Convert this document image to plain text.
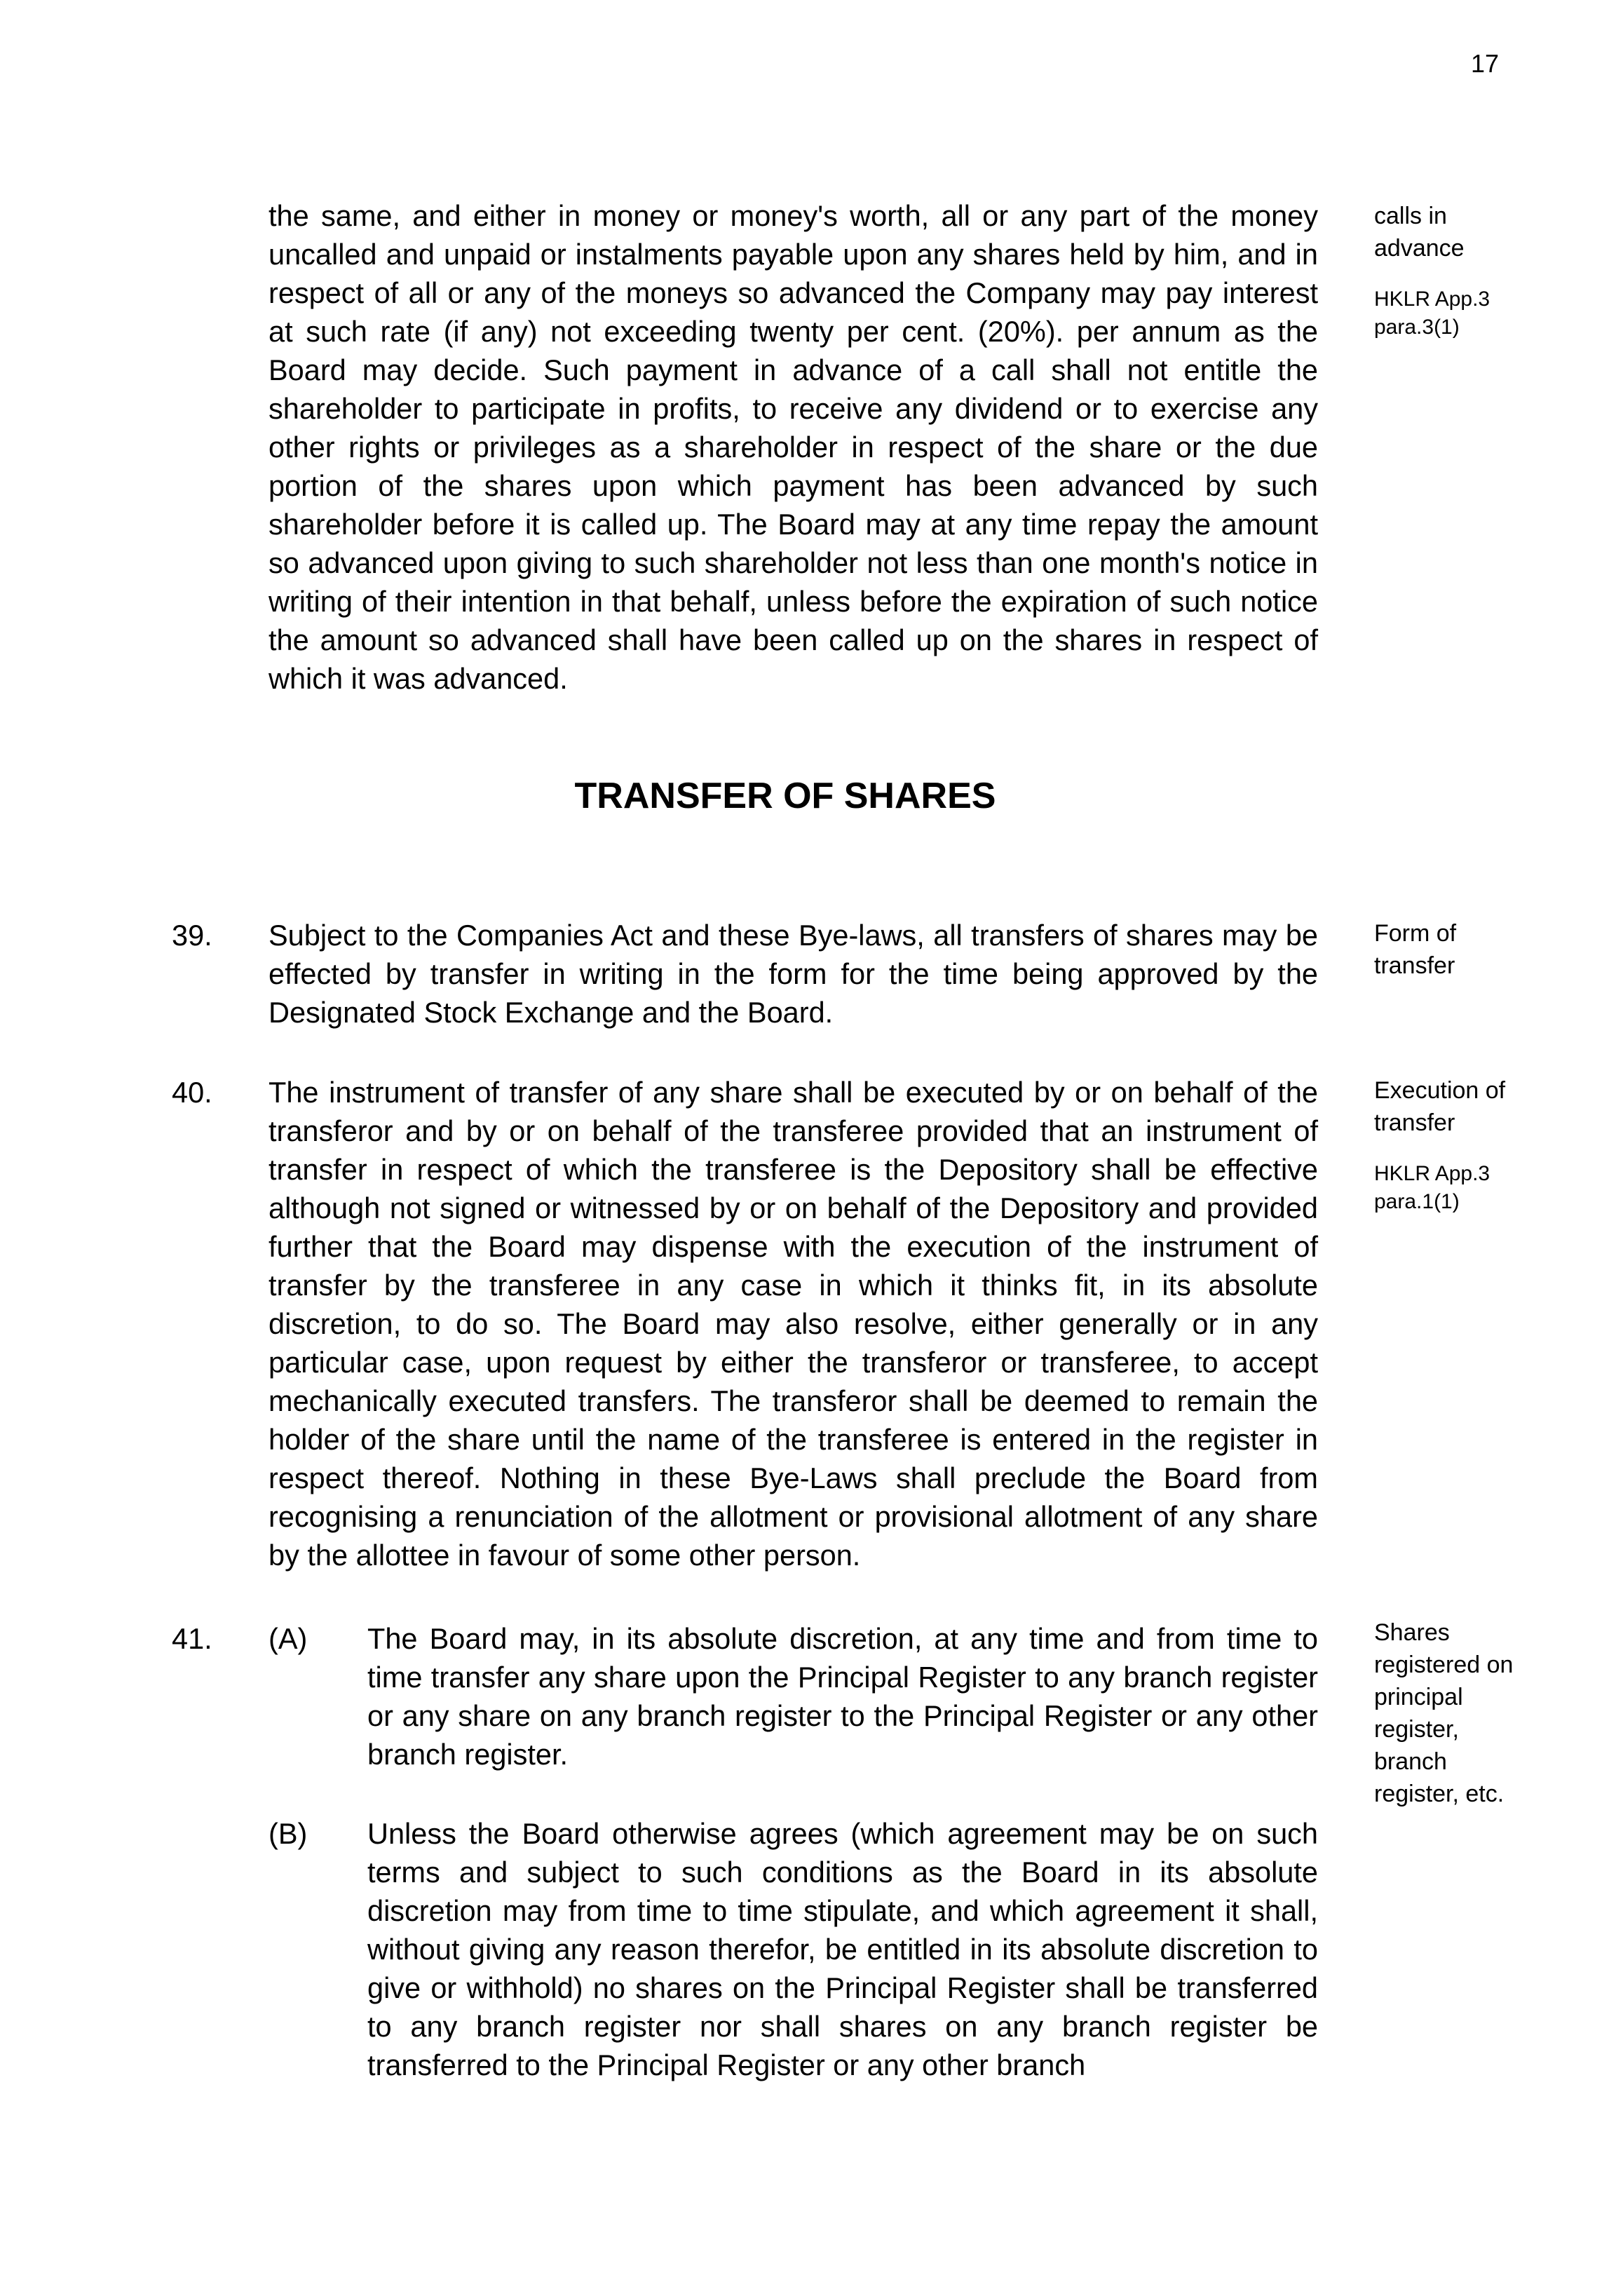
17
the same, and either in money or money's worth, all or any part of the money uncalled and unpaid or instalments payable upon any shares held by him, and in respect of all or any of the moneys so advanced the Company may pay interest at such rate (if any) not exceeding twenty per cent. (20%). per annum as the Board may decide. Such payment in advance of a call shall not entitle the shareholder to participate in profits, to receive any dividend or to exercise any other rights or privileges as a shareholder in respect of the share or the due portion of the shares upon which payment has been advanced by such shareholder before it is called up. The Board may at any time repay the amount so advanced upon giving to such shareholder not less than one month's notice in writing of their intention in that behalf, unless before the expiration of such notice the amount so advanced shall have been called up on the shares in respect of which it was advanced.
calls in advance
HKLR App.3 para.3(1)
TRANSFER OF SHARES
39. Subject to the Companies Act and these Bye-laws, all transfers of shares may be effected by transfer in writing in the form for the time being approved by the Designated Stock Exchange and the Board.
Form of transfer
40. The instrument of transfer of any share shall be executed by or on behalf of the transferor and by or on behalf of the transferee provided that an instrument of transfer in respect of which the transferee is the Depository shall be effective although not signed or witnessed by or on behalf of the Depository and provided further that the Board may dispense with the execution of the instrument of transfer by the transferee in any case in which it thinks fit, in its absolute discretion, to do so. The Board may also resolve, either generally or in any particular case, upon request by either the transferor or transferee, to accept mechanically executed transfers. The transferor shall be deemed to remain the holder of the share until the name of the transferee is entered in the register in respect thereof. Nothing in these Bye-Laws shall preclude the Board from recognising a renunciation of the allotment or provisional allotment of any share by the allottee in favour of some other person.
Execution of transfer
HKLR App.3 para.1(1)
41. (A) The Board may, in its absolute discretion, at any time and from time to time transfer any share upon the Principal Register to any branch register or any share on any branch register to the Principal Register or any other branch register.
(B) Unless the Board otherwise agrees (which agreement may be on such terms and subject to such conditions as the Board in its absolute discretion may from time to time stipulate, and which agreement it shall, without giving any reason therefor, be entitled in its absolute discretion to give or withhold) no shares on the Principal Register shall be transferred to any branch register nor shall shares on any branch register be transferred to the Principal Register or any other branch
Shares registered on principal register, branch register, etc.
